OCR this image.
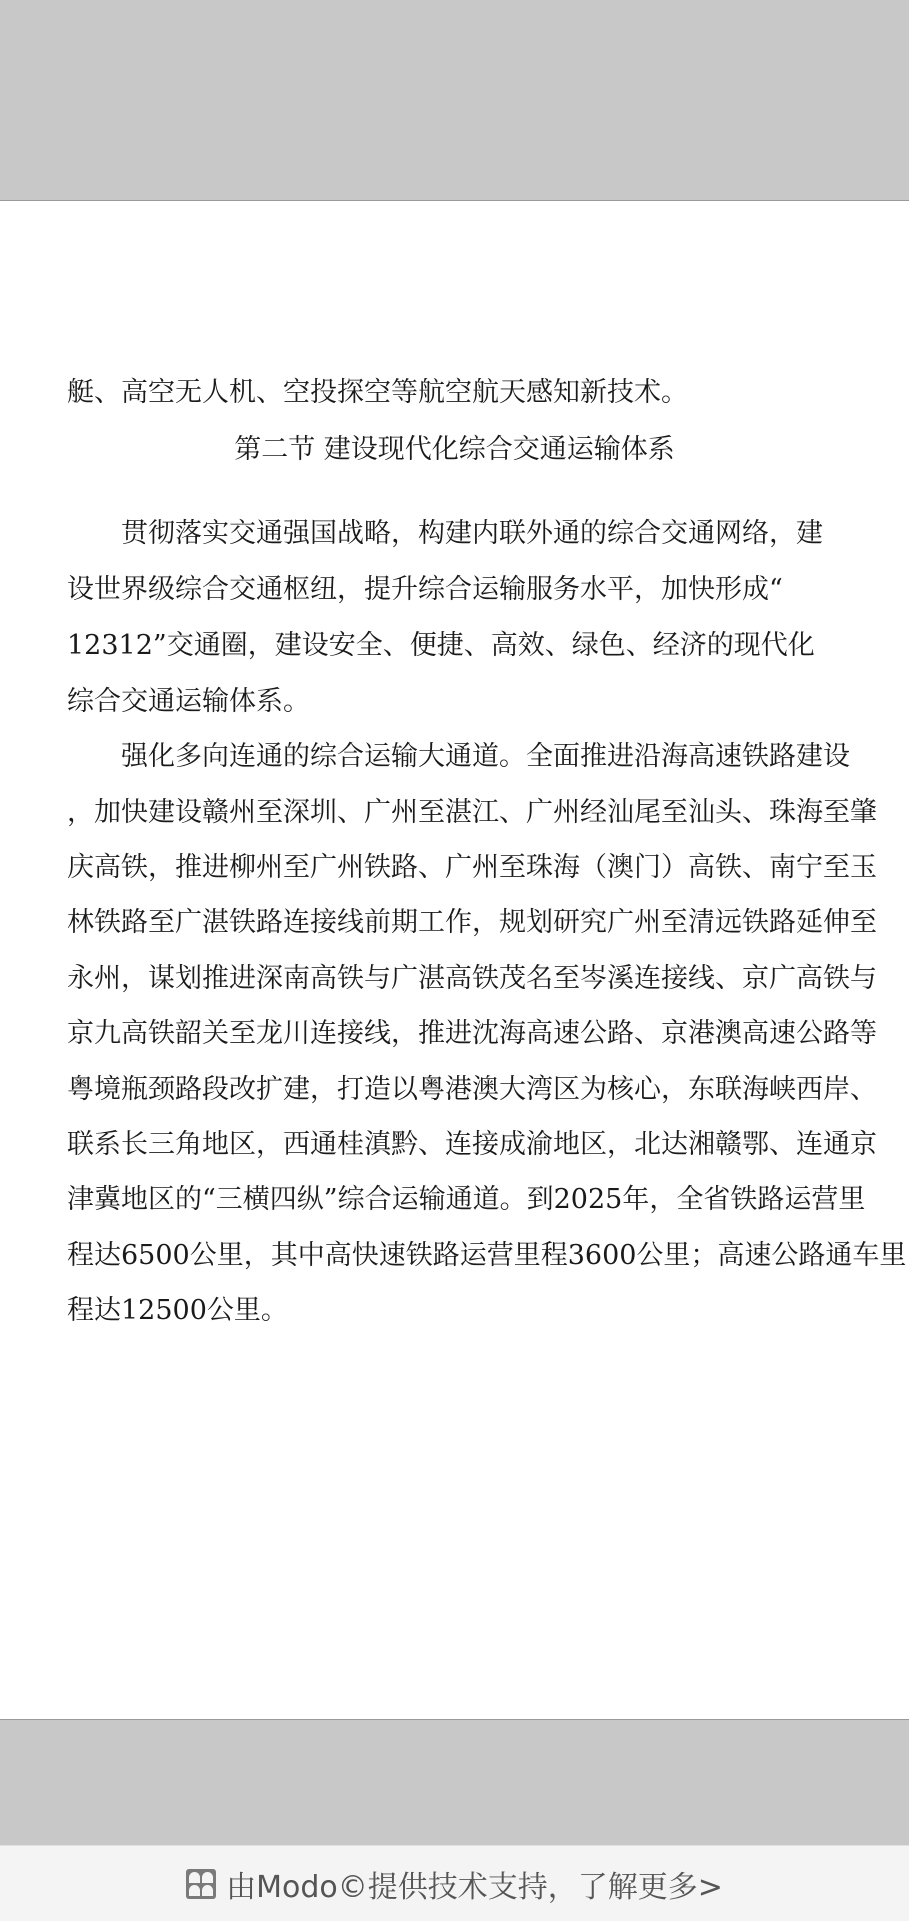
艇、高空无人机、空投探空等航空航天感知新技术。
第二节 建设现代化综合交通运输体系
贯彻落实交通强国战略，构建内联外通的综合交通网络，建
设世界级综合交通枢纽，提升综合运输服务水平，加快形成“
12312”交通圈，建设安全、便捷、高效、绿色、经济的现代化
综合交通运输体系。
强化多向连通的综合运输大通道。全面推进沿海高速铁路建设
，加快建设赣州至深圳、广州至湛江、广州经汕尾至汕头、珠海至肇
庆高铁，推进柳州至广州铁路、广州至珠海（澳门）高铁、南宁至玉
林铁路至广湛铁路连接线前期工作，规划研究广州至清远铁路延伸至
永州，谋划推进深南高铁与广湛高铁茂名至岑溪连接线、京广高铁与
京九高铁韶关至龙川连接线，推进沈海高速公路、京港澳高速公路等
粤境瓶颈路段改扩建，打造以粤港澳大湾区为核心，东联海峡西岸、
联系长三角地区，西通桂滇黔、连接成渝地区，北达湘赣鄂、连通京
津冀地区的“三横四纵”综合运输通道。到2025年，全省铁路运营里
程达6500公里，其中高快速铁路运营里程3600公里；高速公路通车里
程达12500公里。
由Modo©提供技术支持，了解更多>
